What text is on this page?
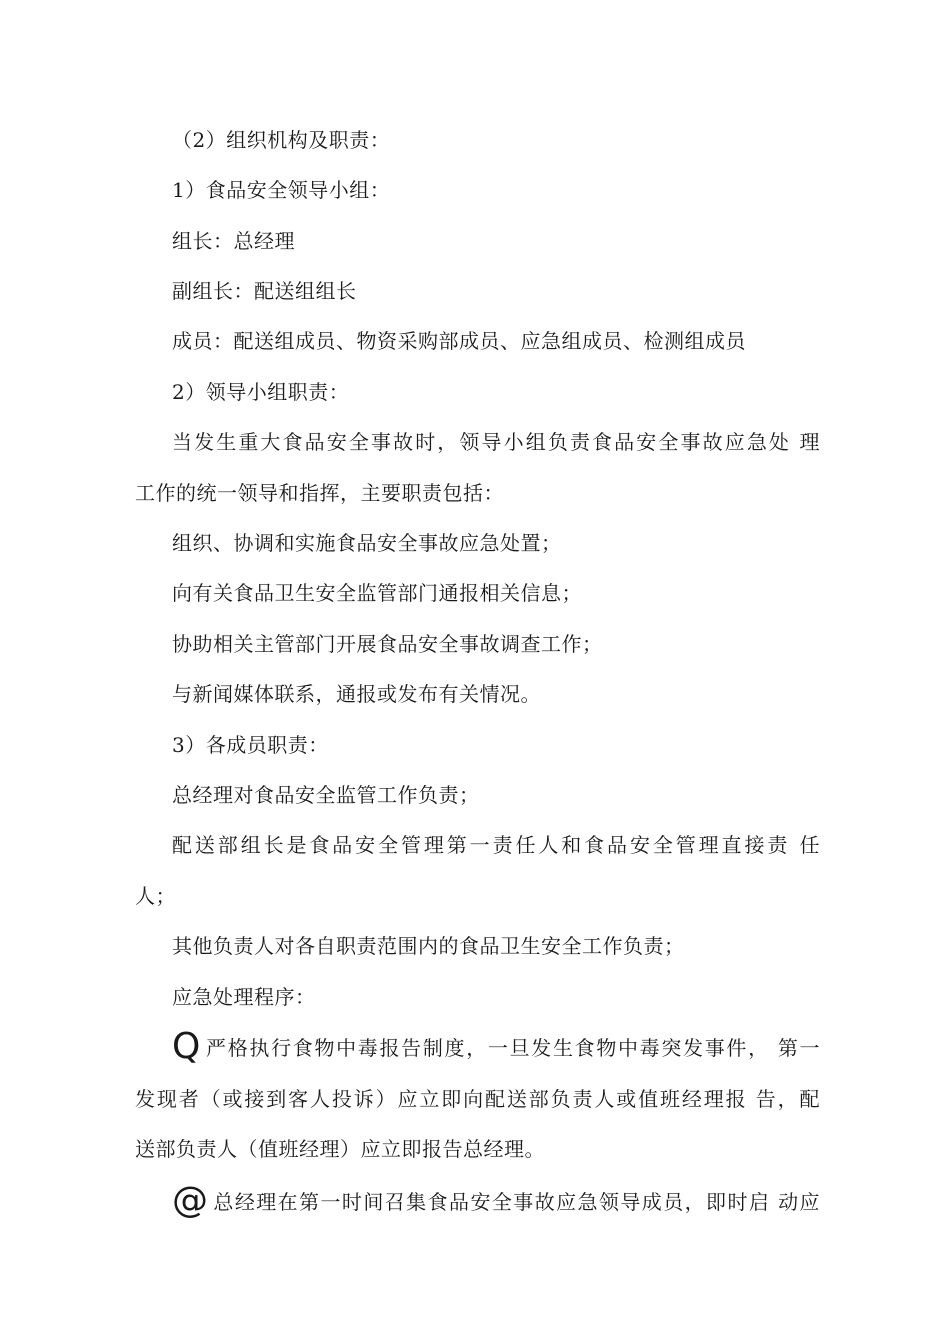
（2）组织机构及职责：
1）食品安全领导小组：
组长：总经理
副组长：配送组组长
成员：配送组成员、物资采购部成员、应急组成员、检测组成员
2）领导小组职责：
当发生重大食品安全事故时，领导小组负责食品安全事故应急处 理
工作的统一领导和指挥，主要职责包括：
组织、协调和实施食品安全事故应急处置；
向有关食品卫生安全监管部门通报相关信息；
协助相关主管部门开展食品安全事故调查工作；
与新闻媒体联系，通报或发布有关情况。
3）各成员职责：
总经理对食品安全监管工作负责；
配送部组长是食品安全管理第一责任人和食品安全管理直接责 任
人；
其他负责人对各自职责范围内的食品卫生安全工作负责；
应急处理程序：
Q严格执行食物中毒报告制度，一旦发生食物中毒突发事件， 第一
发现者（或接到客人投诉）应立即向配送部负责人或值班经理报 告，配
送部负责人（值班经理）应立即报告总经理。
@ 总经理在第一时间召集食品安全事故应急领导成员，即时启 动应
